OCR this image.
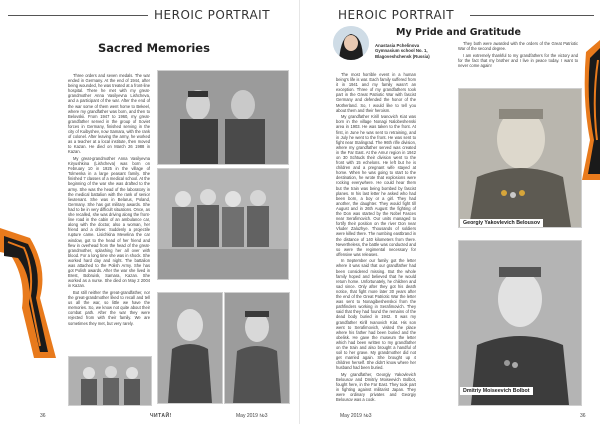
HEROIC PORTRAIT
Sacred Memories

Three orders and seven medals. The war ended in Germany. At the end of 1944, after being wounded, he was treated at a front-line hospital. There he met with my great-grandmother Anna Vasilyevna Lishcheva, and a participant of the war. After the end of the war some of them went home to Bekeel, where my grandfather was born, and then to Belovskii. From 1947 to 1960, my great-grandfather served in the group of Soviet forces in Germany, finished serving in the city of Kuibyshev, now Samara, with the rank of colonel. After leaving the army, he worked as a teacher at a local institute, then moved to Kazan. He died on March 26 1988 in Kazan.

My great-grandmother Anna Vasilyevna Kiryushkina (Lishcheva) was born on February 10 in 1925 in the village of Tolmenka in a large peasant family. She finished 7 classes of a medical school. At the beginning of the war she was drafted to the army. She was the head of the laboratory in the medical battalion with the rank of senior lieutenant. She was in Belarus, Poland, Germany. She has got military awards. She had to be in very difficult situations. Once, as she recalled, she was driving along the front-line road in the cabin of an ambulance car, along with the doctor, also a woman, her friend and a driver. Suddenly a projectile rupture came. Lisichkina Mevelina the car window, got to the head of her friend and flew in overhead from the head of the great-grandmother, splashing her all over with blood. For a long time she was in shock. She worked hard day and night. The battalion was attached to the Polish Army. She has got Polish awards. After the war she lived in Brest, Bobruisk, Samara, Kazan. She worked as a nurse. She died on May 2 2004 in Kazan.

But still neither the great-grandfather, nor the great-grandmother liked to recall and tell us all the war, so little we have the memories. So, we know not quite about their combat path. After the war they were rejected from with their family. We are sometimes they met, but very rarely.

36	ЧИТАЙ!	May 2019 №3
HEROIC PORTRAIT
My Pride and Gratitude
Anastasia Pchelinova
Gymnasium school No. 1,
Blagoveshchensk (Russia)

The most horrible event in a human being's life is war. Each family suffered from it in 1941 and my family wasn't an exception. Three of my grandfathers took part in the Great Patriotic War with fascist Germany and defended the honor of the Motherland. So, I would like to tell you about them and their heroism.

My grandfather Kirill Ivanovich Kiat was born in the village Nonagi Nalobeshenski area in 1903. He was taken to the front. At first, in June he was sent to retraining, and in July he went to the front. He was sent to fight near Stalingrad. The 96th rifle division, where my grandfather served was created in the Far East. At the Amur region in 1942 on 30 Schtuds their division went to the front with 15 echelons. He left but he is children and a pregnant wife stayed at home. When he was going to start to the destination, he wrote that explosions were rocking everywhere. He could hear them but the train was being bombed by fascist planes. In his last letter he asked who had been born, a boy or a girl. They had another, the daughter. They would fight till August and in 26th August the fighting of the Don was started by the Nobel Fasces near Serafimovich. Our units managed to fortify their position on the river Don near Vluder Zaluzhye. Thousands of soldiers were killed there. The numbing eastbrand in the distance of 140 kilometers from there. Nevertheless, the battle was conducted and so were the regimental necessary for offensive was releases.

In September our family got the letter where it was said that our grandfather had been considered missing. But the whole family hoped and believed that he would return home. Unfortunately, he children and sad since. Only after they got his death notice, that fight more later 30 years after the end of the Great Patriotic War the letter was sent to Nonagibeshenskoi from the pathfinders working in Serafimovich. They said that they had found the remains of the dead body buried in 1942. It was my grandfather Kirill Ivanovich Kiat. His son went to Serafimovich, visited the place where his father had been buried and the obelisk. He gave the museum the letter which had been written to my grandfather on the train and also brought a handful of soil to her grave. My grandmother did not get married again. She brought up 4 children herself. She didn't know where her husband had been buried.

My grandfather, Georgiy Yakovlevich Belousov and Dmitriy Moiseevich Bolbot, fought here, in the Far East. They took part in fighting against militarist Japan. They were ordinary privates and Georgiy Belousov was a cook.

They both were awarded with the orders of the Great Patriotic War of the second degree.

I am extremely thankful to my grandfathers for the victory and for the fact that my brother and I live in peace today. I want to never come again!

Georgiy Yakovlevich Belousov
Dmitriy Moiseevich Bolbot
May 2019 №3	36
